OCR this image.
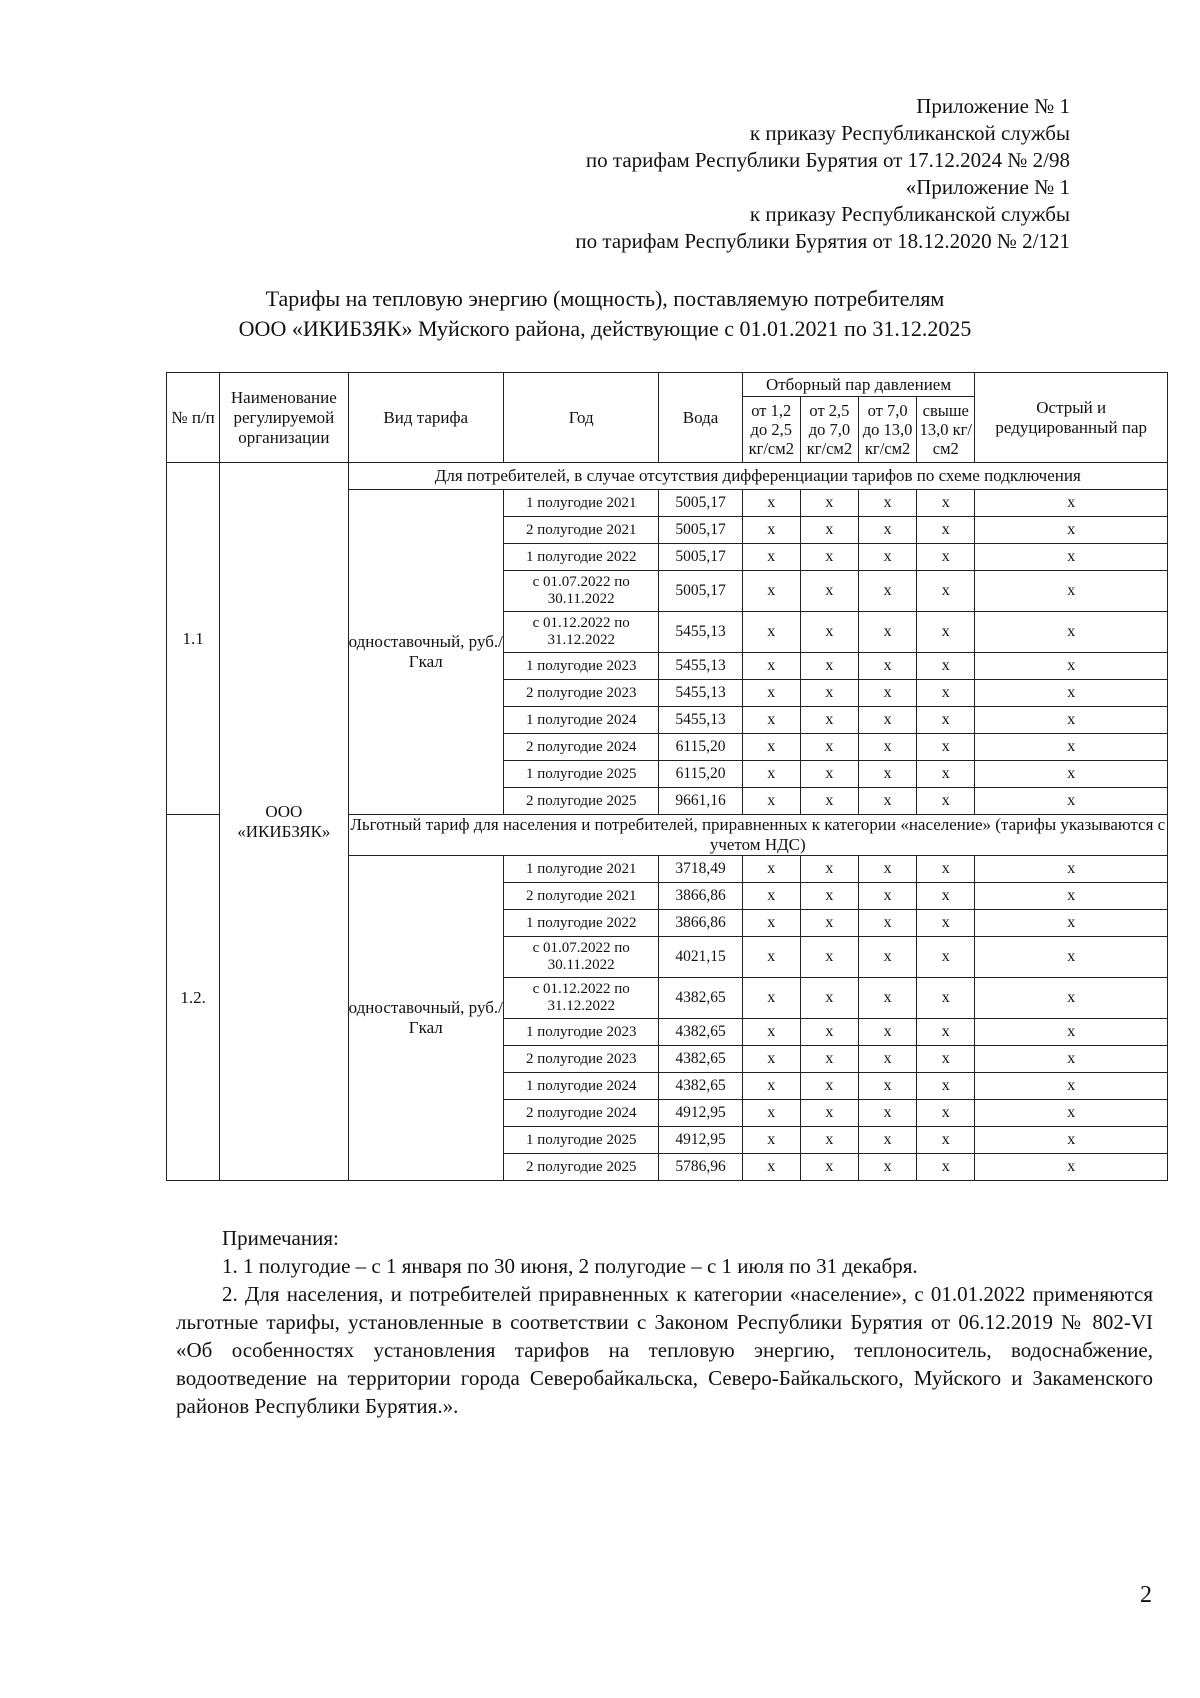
Приложение № 1
к приказу Республиканской службы
по тарифам Республики Бурятия от 17.12.2024 № 2/98
«Приложение № 1
к приказу Республиканской службы
по тарифам Республики Бурятия от 18.12.2020 № 2/121
Тарифы на тепловую энергию (мощность), поставляемую потребителям
ООО «ИКИБЗЯК» Муйского района, действующие с 01.01.2021 по 31.12.2025
№ п/п	Наименование регулируемой организации	Вид тарифа	Год	Вода	Отборный пар давлением				Острый и редуцированный пар
					от 1,2 до 2,5 кг/см2	от 2,5 до 7,0 кг/см2	от 7,0 до 13,0 кг/см2	свыше 13,0 кг/см2	
1.1	ООО «ИКИБЗЯК»	Для потребителей, в случае отсутствия дифференциации тарифов по схеме подключения							
		одноставочный, руб./Гкал	1 полугодие 2021	5005,17	x	x	x	x	x
			2 полугодие 2021	5005,17	x	x	x	x	x
			1 полугодие 2022	5005,17	x	x	x	x	x
			с 01.07.2022 по 30.11.2022	5005,17	x	x	x	x	x
			с 01.12.2022 по 31.12.2022	5455,13	x	x	x	x	x
			1 полугодие 2023	5455,13	x	x	x	x	x
			2 полугодие 2023	5455,13	x	x	x	x	x
			1 полугодие 2024	5455,13	x	x	x	x	x
			2 полугодие 2024	6115,20	x	x	x	x	x
			1 полугодие 2025	6115,20	x	x	x	x	x
			2 полугодие 2025	9661,16	x	x	x	x	x
1.2.		Льготный тариф для населения и потребителей, приравненных к категории «население» (тарифы указываются с учетом НДС)							
		одноставочный, руб./Гкал	1 полугодие 2021	3718,49	x	x	x	x	x
			2 полугодие 2021	3866,86	x	x	x	x	x
			1 полугодие 2022	3866,86	x	x	x	x	x
			с 01.07.2022 по 30.11.2022	4021,15	x	x	x	x	x
			с 01.12.2022 по 31.12.2022	4382,65	x	x	x	x	x
			1 полугодие 2023	4382,65	x	x	x	x	x
			2 полугодие 2023	4382,65	x	x	x	x	x
			1 полугодие 2024	4382,65	x	x	x	x	x
			2 полугодие 2024	4912,95	x	x	x	x	x
			1 полугодие 2025	4912,95	x	x	x	x	x
			2 полугодие 2025	5786,96	x	x	x	x	x
Примечания:
1. 1 полугодие – с 1 января по 30 июня, 2 полугодие – с 1 июля по 31 декабря.
2. Для населения, и потребителей приравненных к категории «население», с 01.01.2022 применяются льготные тарифы, установленные в соответствии с Законом Республики Бурятия от 06.12.2019 № 802-VI «Об особенностях установления тарифов на тепловую энергию, теплоноситель, водоснабжение, водоотведение на территории города Северобайкальска, Северо-Байкальского, Муйского и Закаменского районов Республики Бурятия.».
2
